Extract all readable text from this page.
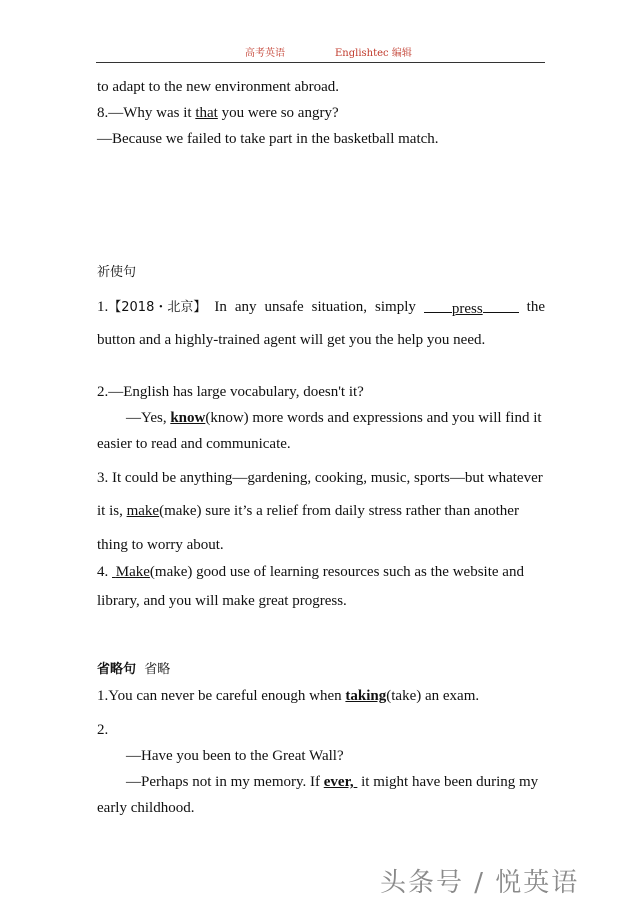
高考英语	Englishtec 编辑
to adapt to the new environment abroad.
8.—Why was it that you were so angry?
—Because we failed to take part in the basketball match.
祈使句
1.【2018・北京】 In any unsafe situation, simply	press	the
button and a highly-trained agent will get you the help you need.
2.—English has large vocabulary, doesn't it?
—Yes, know(know) more words and expressions and you will find it
easier to read and communicate.
3. It could be anything—gardening, cooking, music, sports—but whatever
it is, make(make) sure it’s a relief from daily stress rather than another
thing to worry about.
4. Make(make) good use of learning resources such as the website and
library, and you will make great progress.
省略句 省略
1.You can never be careful enough when taking(take) an exam.
2.
—Have you been to the Great Wall?
—Perhaps not in my memory. If ever,  it might have been during my
early childhood.
头条号 / 悦英语
